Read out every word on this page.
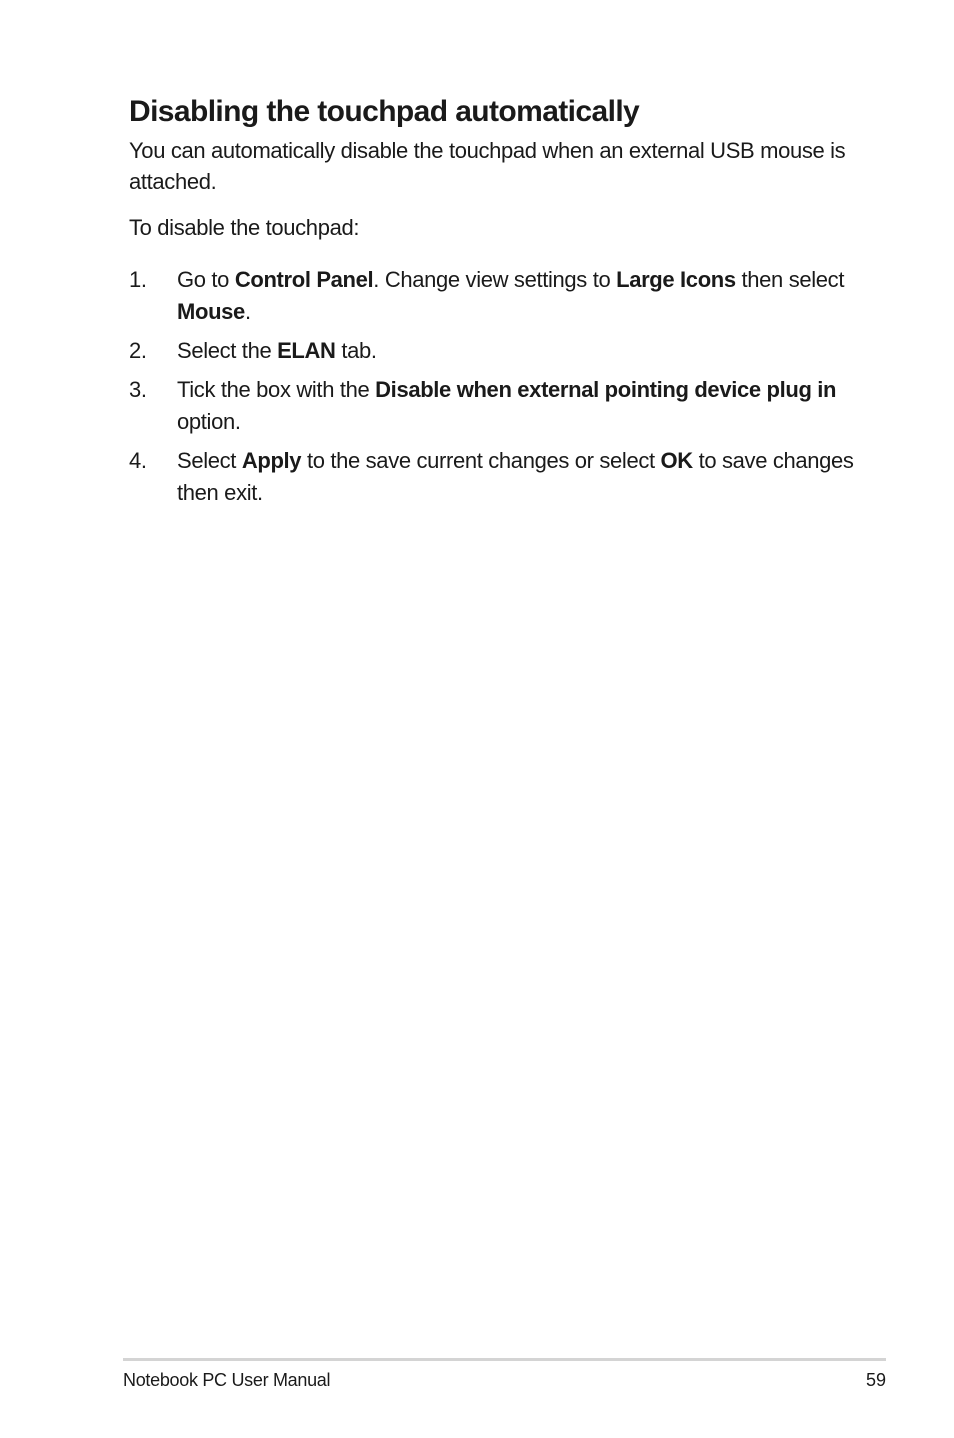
Disabling the touchpad automatically

You can automatically disable the touchpad when an external USB mouse is attached.

To disable the touchpad:

1. Go to Control Panel. Change view settings to Large Icons then select Mouse.
2. Select the ELAN tab.
3. Tick the box with the Disable when external pointing device plug in option.
4. Select Apply to the save current changes or select OK to save changes then exit.
Notebook PC User Manual	59
